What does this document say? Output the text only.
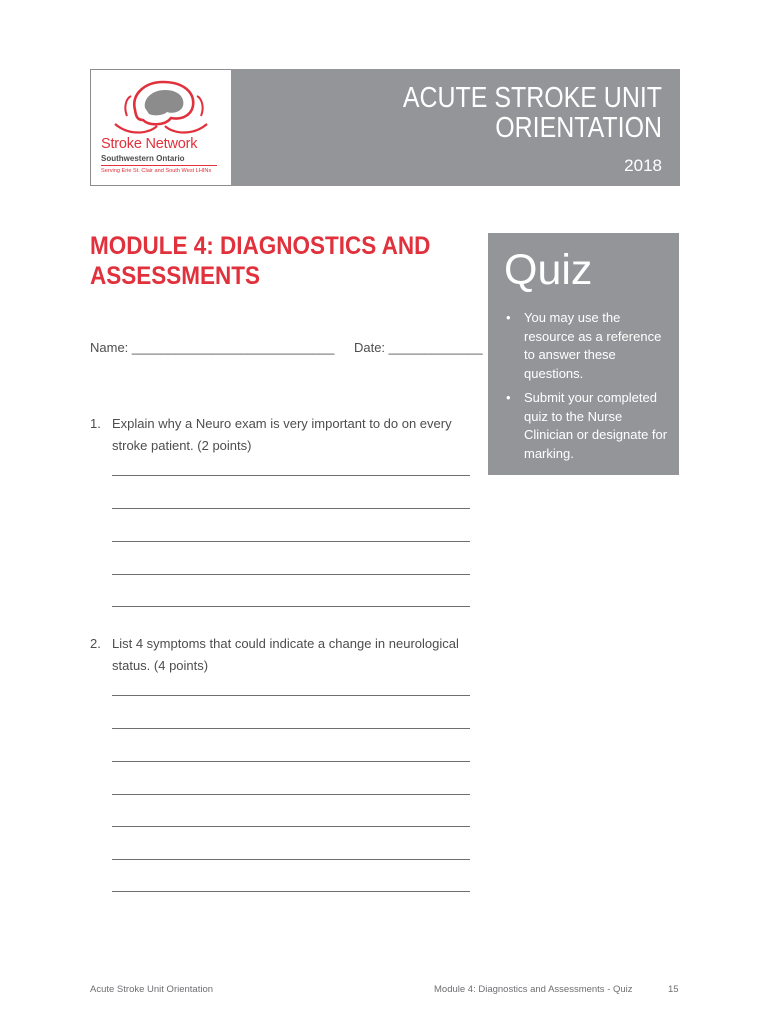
Stroke Network
Southwestern Ontario
Serving Erie St. Clair and South West LHINs
ACUTE STROKE UNIT ORIENTATION
2018
MODULE 4: DIAGNOSTICS AND ASSESSMENTS
Name: ____________________________ Date: _____________
1. Explain why a Neuro exam is very important to do on every stroke patient. (2 points)
2. List 4 symptoms that could indicate a change in neurological status. (4 points)
Quiz
• You may use the resource as a reference to answer these questions.
• Submit your completed quiz to the Nurse Clinician or designate for marking.
Acute Stroke Unit Orientation	Module 4: Diagnostics and Assessments - Quiz	15
